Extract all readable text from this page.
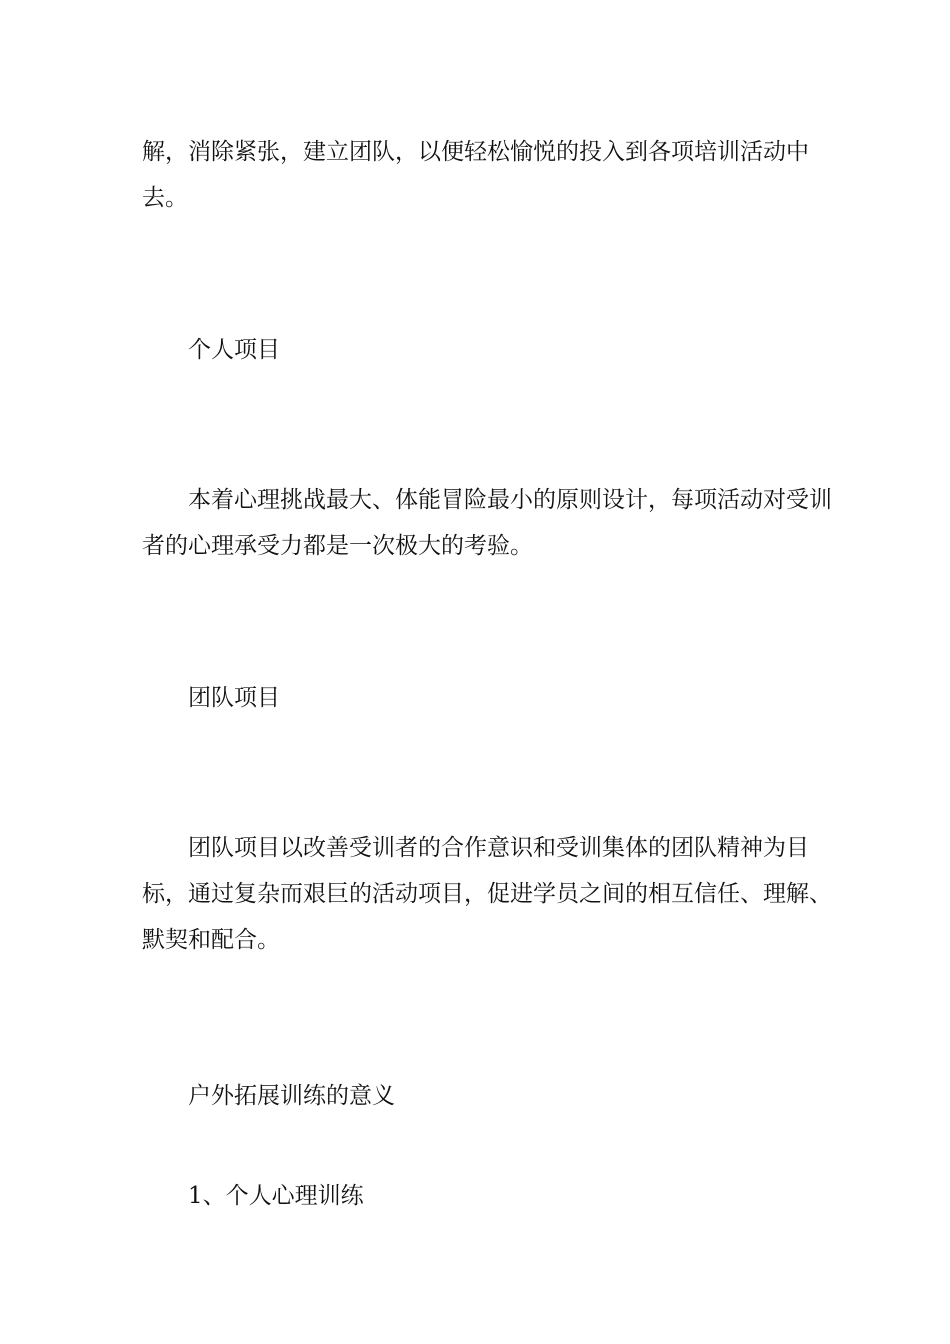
解，消除紧张，建立团队，以便轻松愉悦的投入到各项培训活动中去。

个人项目

本着心理挑战最大、体能冒险最小的原则设计，每项活动对受训者的心理承受力都是一次极大的考验。

团队项目

团队项目以改善受训者的合作意识和受训集体的团队精神为目标，通过复杂而艰巨的活动项目，促进学员之间的相互信任、理解、默契和配合。

户外拓展训练的意义

1、个人心理训练
